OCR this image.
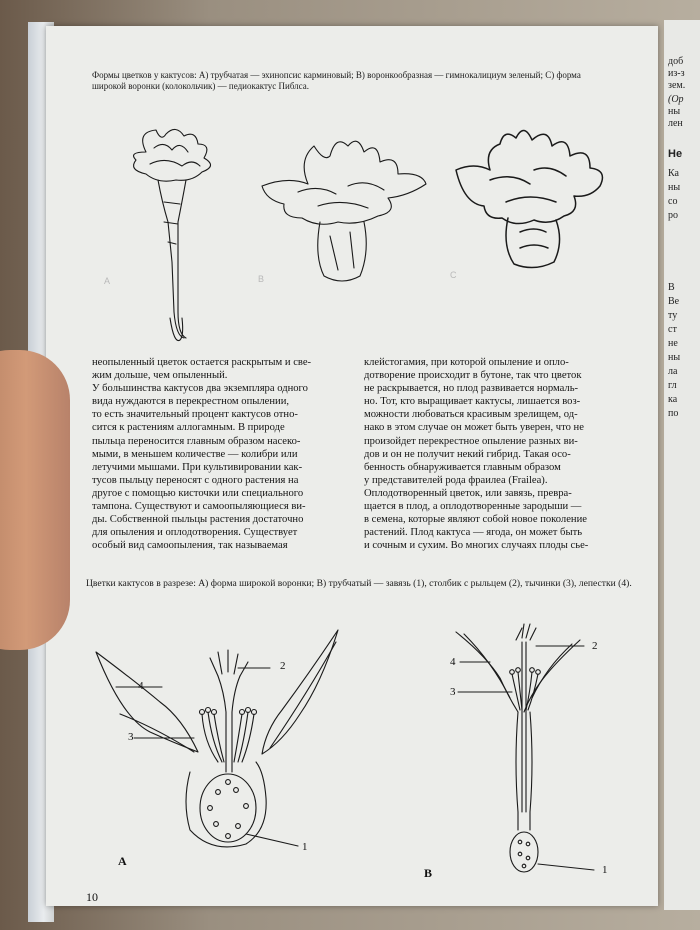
доб
из-з
зем.
(Op
ны
лен
Не
Ка
ны
со
ро
В
Ве
ту
ст
не
ны
ла
гл
ка
по
Формы цветков у кактусов: A) трубчатая — эхинопсис карминовый; B) воронкообразная — гимнокалициум зеленый; C) форма широкой воронки (колокольчик) — педиокактус Пиблса.
A	B	C
неопыленный цветок остается раскрытым и све-
жим дольше, чем опыленный.
У большинства кактусов два экземпляра одного
вида нуждаются в перекрестном опылении,
то есть значительный процент кактусов отно-
сится к растениям аллогамным. В природе
пыльца переносится главным образом насеко-
мыми, в меньшем количестве — колибри или
летучими мышами. При культивировании как-
тусов пыльцу переносят с одного растения на
другое с помощью кисточки или специального
тампона. Существуют и самоопыляющиеся ви-
ды. Собственной пыльцы растения достаточно
для опыления и оплодотворения. Существует
особый вид самоопыления, так называемая
клейстогамия, при которой опыление и опло-
дотворение происходит в бутоне, так что цветок
не раскрывается, но плод развивается нормаль-
но. Тот, кто выращивает кактусы, лишается воз-
можности любоваться красивым зрелищем, од-
нако в этом случае он может быть уверен, что не
произойдет перекрестное опыление разных ви-
дов и он не получит некий гибрид. Такая осо-
бенность обнаруживается главным образом
у представителей рода фраилеа (Frailea).
Оплодотворенный цветок, или завязь, превра-
щается в плод, а оплодотворенные зародыши —
в семена, которые являют собой новое поколение
растений. Плод кактуса — ягода, он может быть
и сочным и сухим. Во многих случаях плоды сье-
Цветки кактусов в разрезе: A) форма широкой воронки; B) трубчатый — завязь (1), столбик с рыльцем (2), тычинки (3), лепестки (4).
2
4
3
1
A
2
4
3
1
B
10
